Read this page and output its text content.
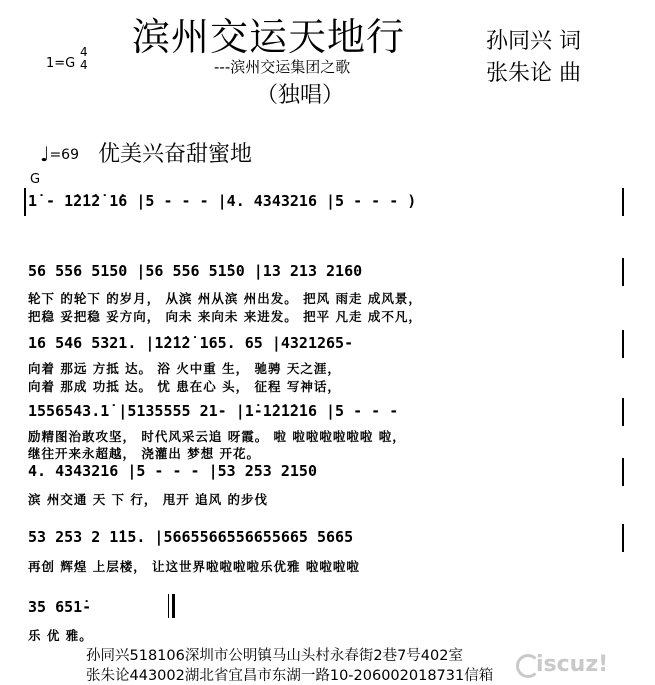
滨州交运天地行	孙同兴 词
张朱论 曲
---滨州交运集团之歌
（独唱）
1=G
4
4
♩=69 优美兴奋甜蜜地
G
1̇ - 1̇2̇1̇2̇ 1̇6 |5 - - - |4. 4343216 |5 - - - )
56 556 5150 |56 556 51̇50 |13 213 2160
轮下 的轮下 的岁月， 从滨 州从滨 州出发。 把风 雨走 成风景，
把稳 妥把稳 妥方向， 向未 来向未 来进发。 把平 凡走 成不凡，
16 546 5321. |1̇2̇1̇2̇ 165. 65 |4321265-
向着 那远 方抵 达。 浴 火中重 生， 驰骋 天之涯，
向着 那成 功抵 达。 忧 患在心 头， 征程 写神话，
1556543.1̇ |5135555 21- |1̇-1̇2̇1̇2̇16 |5 - - -
励精图治敢攻坚， 时代风采云追 呀霞。 啦 啦啦啦啦啦啦 啦，
继往开来永超越， 浇灌出 梦想 开花。
4. 4343216 |5 - - - |53 253 2150
滨 州交通 天 下 行， 甩开 追风 的步伐
53 253 2 1̇15. |5665566556655665 5665
再创 辉煌 上层楼， 让这世界啦啦啦啦乐优雅 啦啦啦啦
35 651̇-
乐 优 雅。
孙同兴518106深圳市公明镇马山头村永春街2巷7号402室
张朱论443002湖北省宜昌市东湖一路10-206002018731信箱 iscuz!
